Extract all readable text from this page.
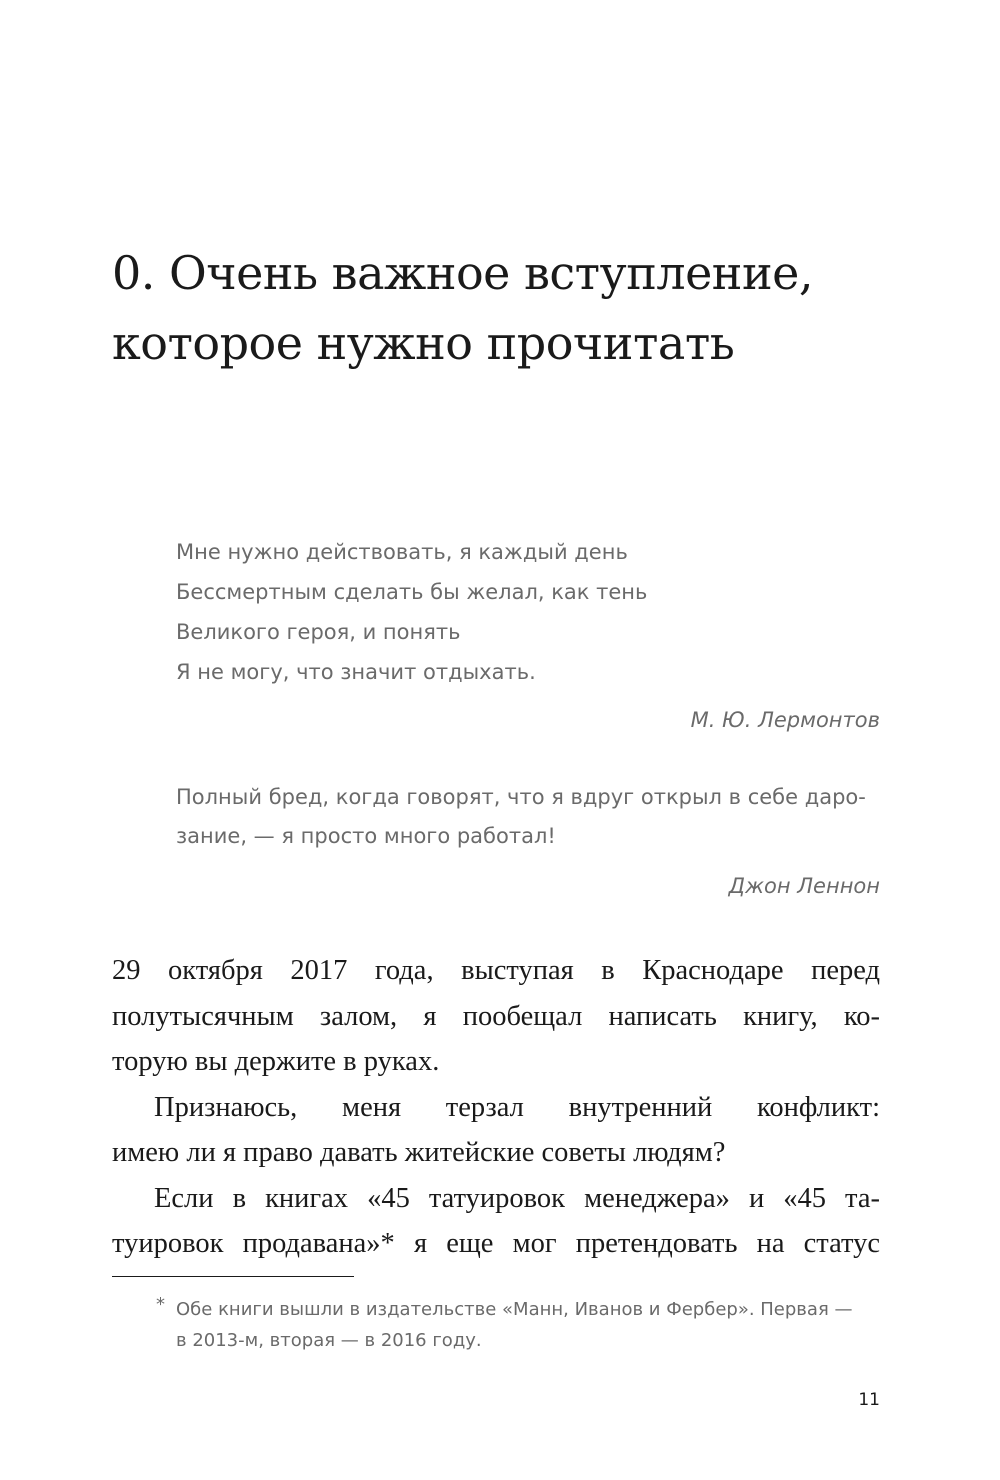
0. Очень важное вступление,
которое нужно прочитать
Мне нужно действовать, я каждый день
Бессмертным сделать бы желал, как тень
Великого героя, и понять
Я не могу, что значит отдыхать.
М. Ю. Лермонтов
Полный бред, когда говорят, что я вдруг открыл в себе даро-
зание, — я просто много работал!
Джон Леннон
29 октября 2017 года, выступая в Краснодаре перед
полутысячным залом, я пообещал написать книгу, ко-
торую вы держите в руках.
Признаюсь, меня терзал внутренний конфликт:
имею ли я право давать житейские советы людям?
Если в книгах «45 татуировок менеджера» и «45 та-
туировок продавана»* я еще мог претендовать на статус
* Обе книги вышли в издательстве «Манн, Иванов и Фербер». Первая —
в 2013-м, вторая — в 2016 году.
11
